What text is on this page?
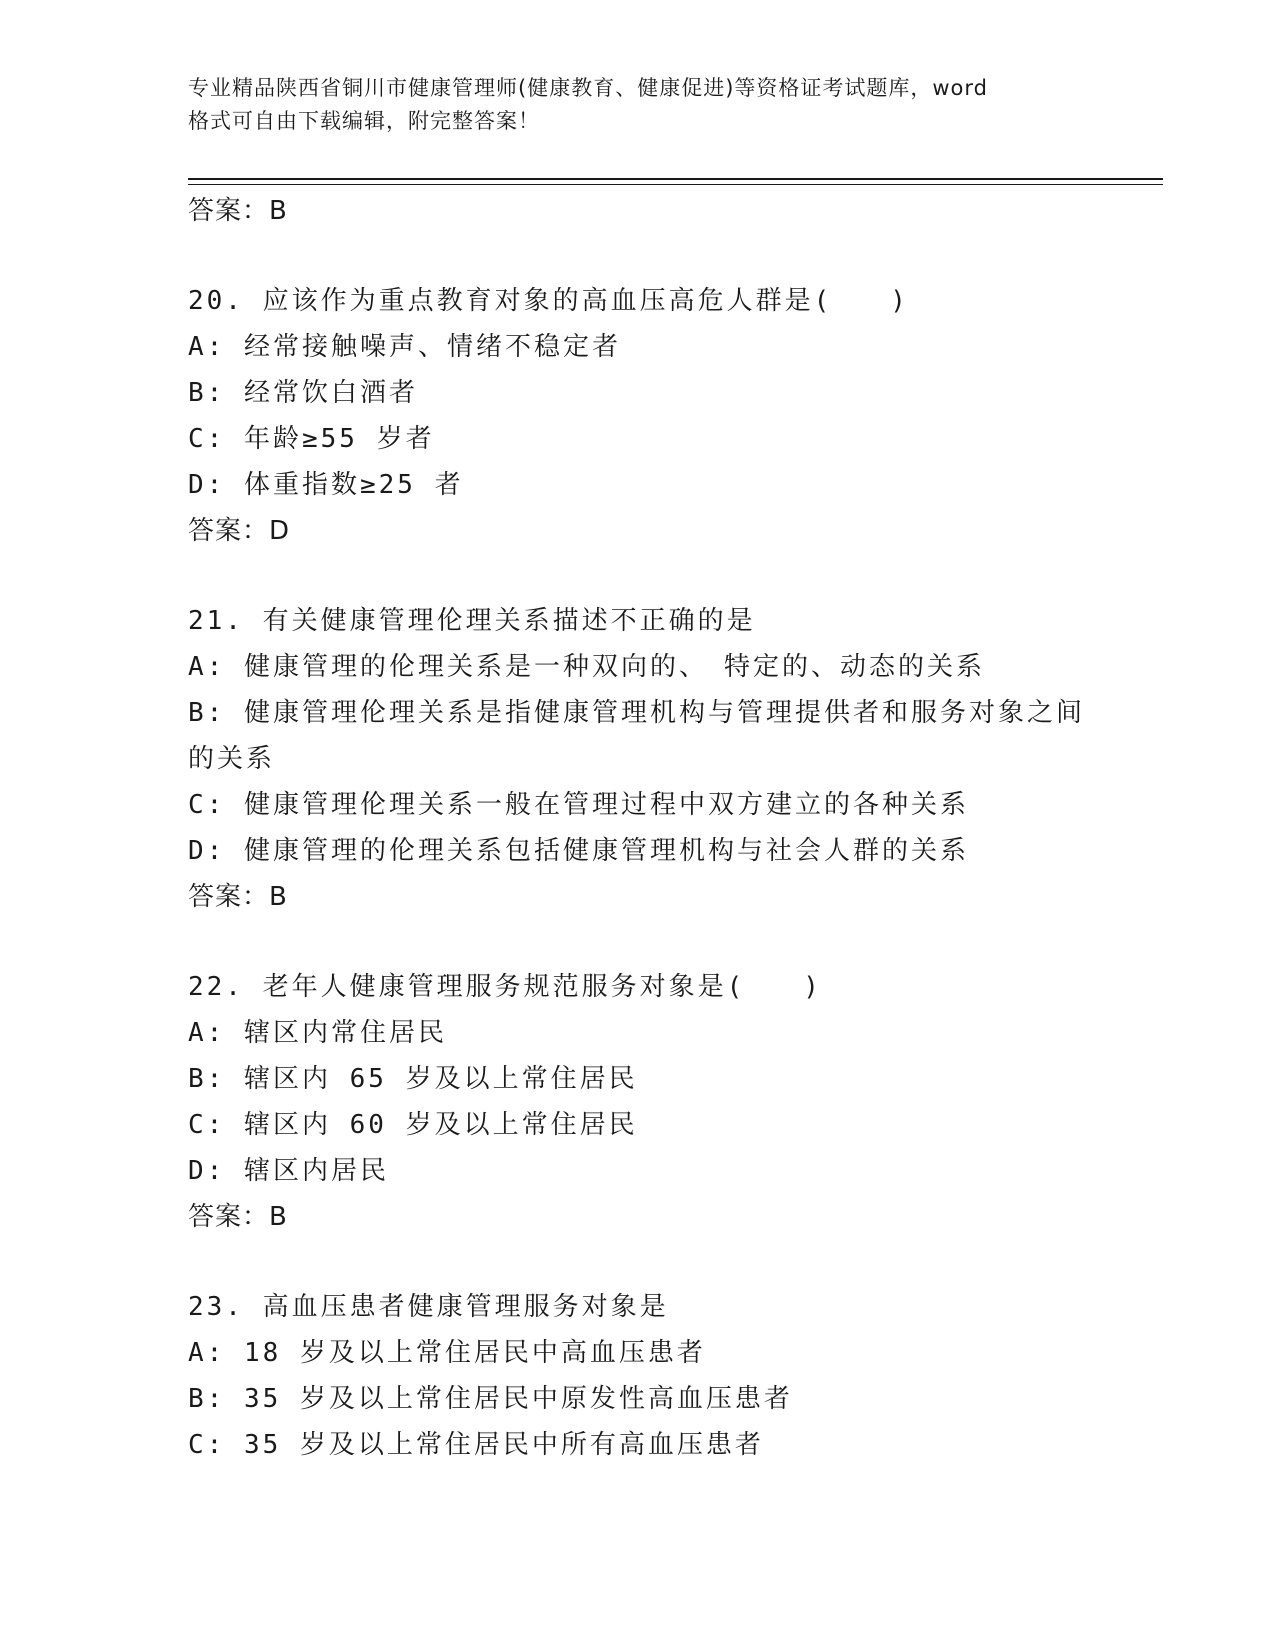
专业精品陕西省铜川市健康管理师(健康教育、健康促进)等资格证考试题库，word
格式可自由下载编辑，附完整答案！
答案：B
20. 应该作为重点教育对象的高血压高危人群是(　　)
A: 经常接触噪声、情绪不稳定者
B: 经常饮白酒者
C: 年龄≥55 岁者
D: 体重指数≥25 者
答案：D
21. 有关健康管理伦理关系描述不正确的是
A: 健康管理的伦理关系是一种双向的、　特定的、动态的关系
B: 健康管理伦理关系是指健康管理机构与管理提供者和服务对象之间
的关系
C: 健康管理伦理关系一般在管理过程中双方建立的各种关系
D: 健康管理的伦理关系包括健康管理机构与社会人群的关系
答案：B
22. 老年人健康管理服务规范服务对象是(　　)
A: 辖区内常住居民
B: 辖区内 65 岁及以上常住居民
C: 辖区内 60 岁及以上常住居民
D: 辖区内居民
答案：B
23. 高血压患者健康管理服务对象是
A: 18 岁及以上常住居民中高血压患者
B: 35 岁及以上常住居民中原发性高血压患者
C: 35 岁及以上常住居民中所有高血压患者
